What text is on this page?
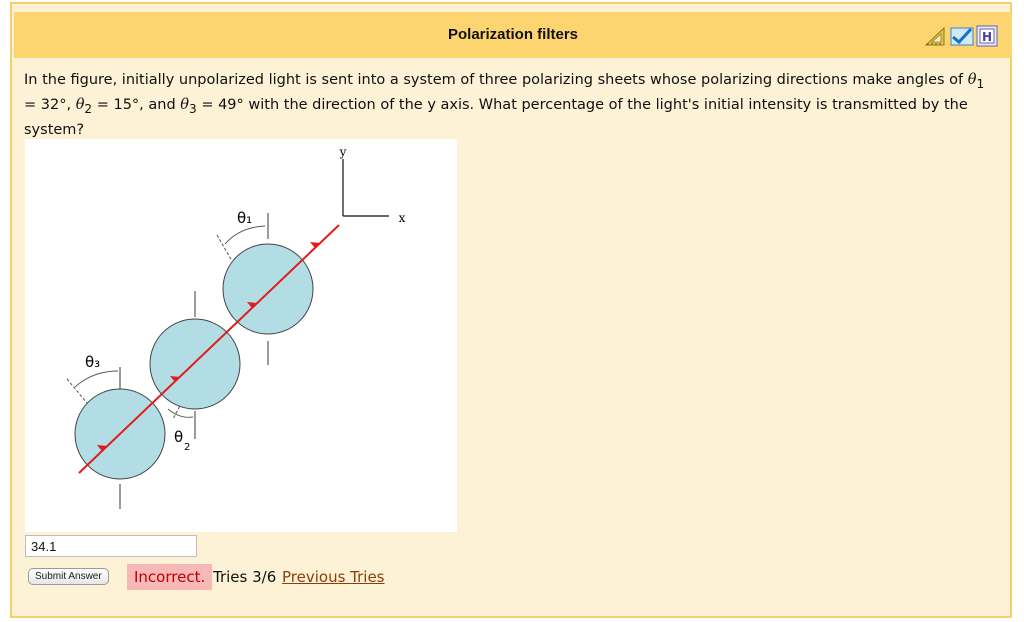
Polarization filters	H
In the figure, initially unpolarized light is sent into a system of three polarizing sheets whose polarizing directions make angles of $\theta_1 = 32^\circ$, $\theta_2 = 15^\circ$, and $\theta_3 = 49^\circ$ with the direction of the y axis. What percentage of the light's initial intensity is transmitted by the system?
y
x
θ₁
θ
2
θ₃
34.1
Submit Answer	Incorrect. Tries 3/6 Previous Tries
